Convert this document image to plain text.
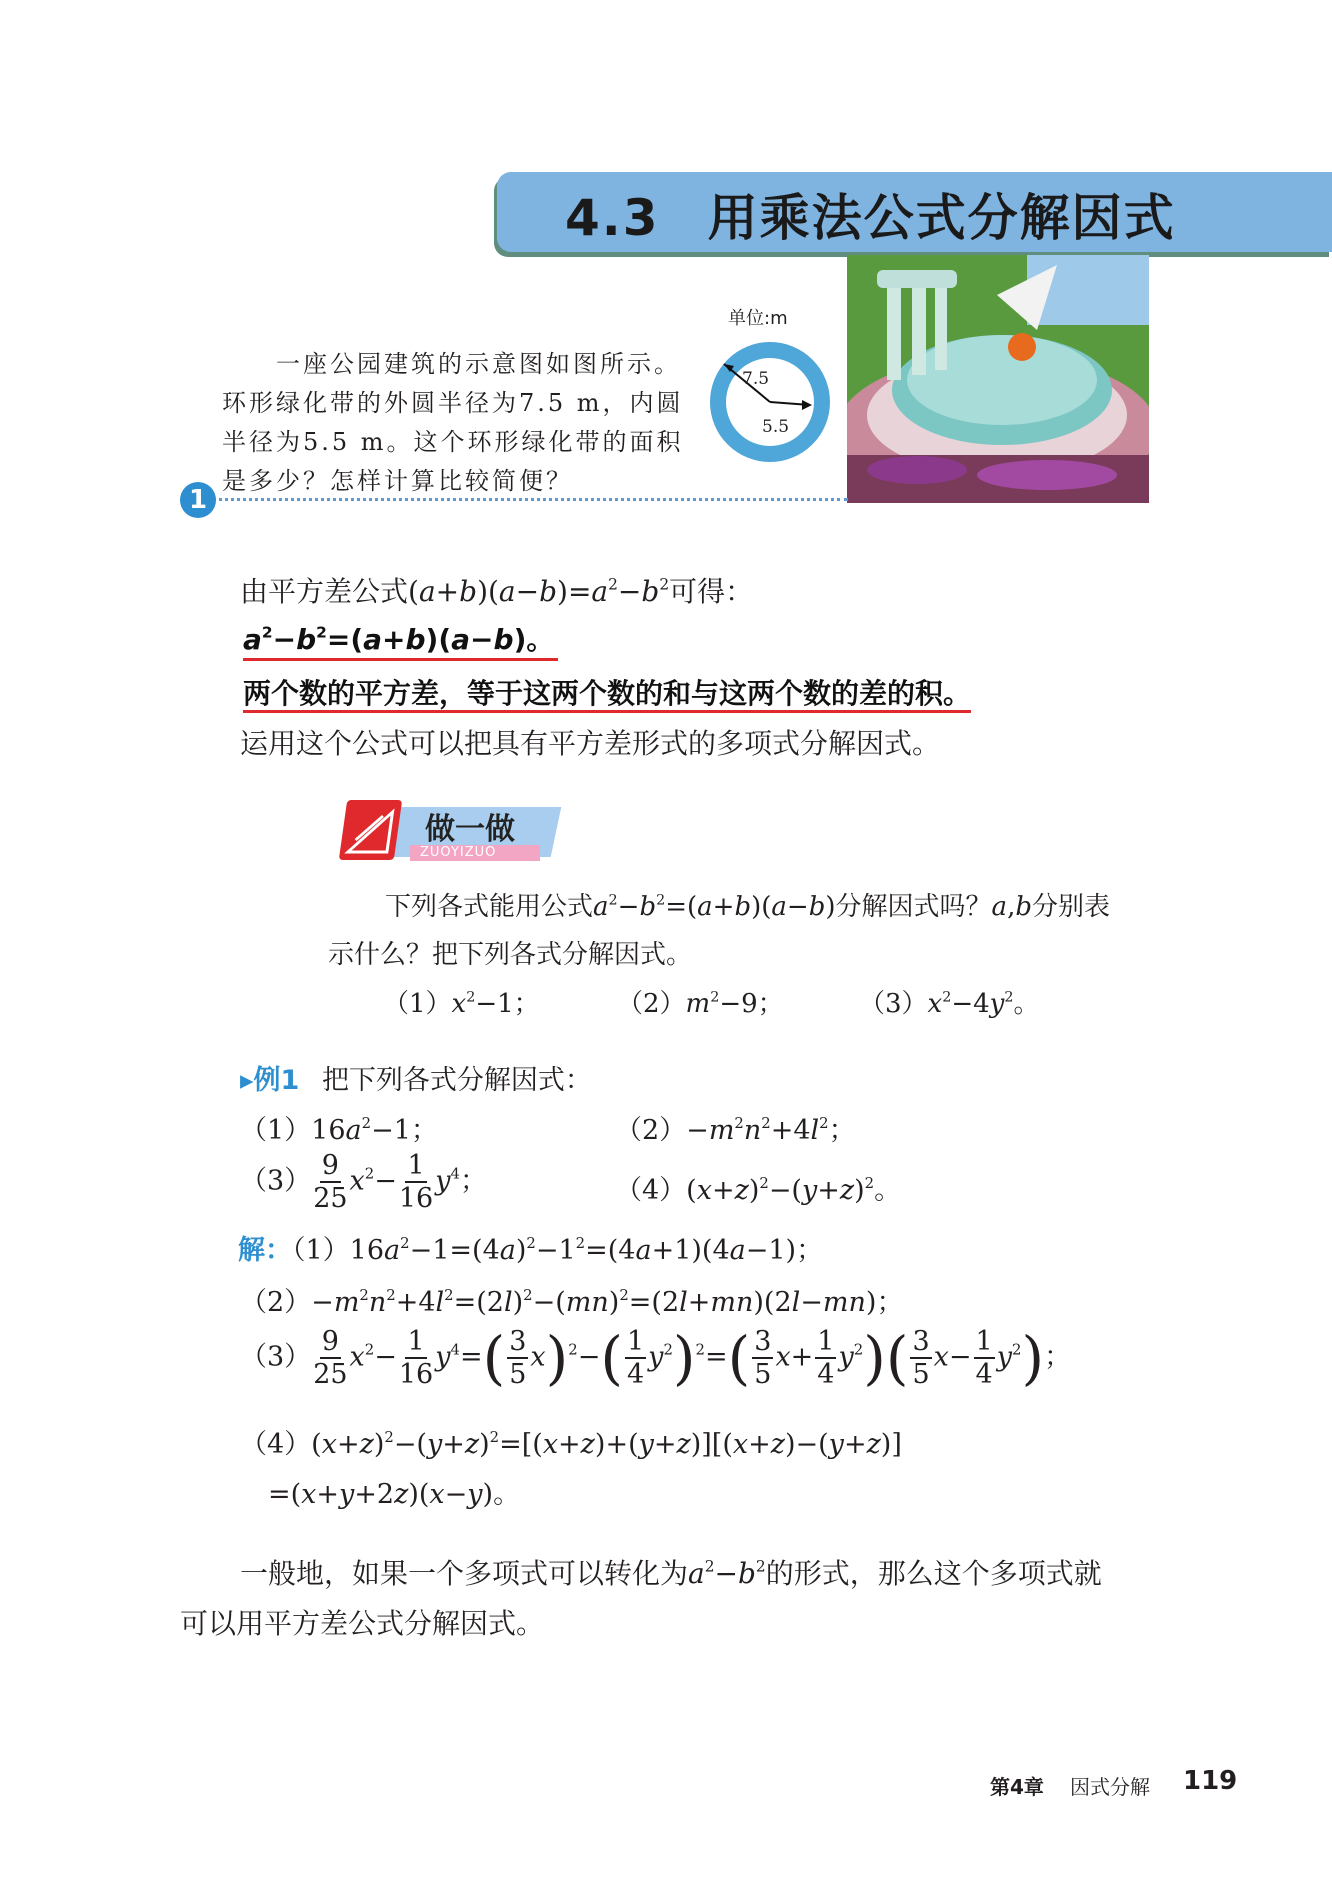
4.3 用乘法公式分解因式
　　一座公园建筑的示意图如图所示。
环形绿化带的外圆半径为7.5 m，内圆
半径为5.5 m。这个环形绿化带的面积
是多少？怎样计算比较简便？
单位:m
7.5
5.5
1
由平方差公式$(a+b)(a-b)=a^2-b^2$可得：
$a^2-b^2=(a+b)(a-b)$。
两个数的平方差，等于这两个数的和与这两个数的差的积。
运用这个公式可以把具有平方差形式的多项式分解因式。
做一做
ZUOYIZUO
下列各式能用公式$a^2-b^2=(a+b)(a-b)$分解因式吗？a,b分别表
示什么？把下列各式分解因式。
$(1)x^2-1$；	$(2)m^2-9$；	$(3)x^2-4y^2$。
▸例1 把下列各式分解因式：
$(1)16a^2-1$；	$(2)-m^2n^2+4l^2$；
$(3) \frac{9}{25} x^2- \frac{1}{16} y^4$；	$(4)(x+z)^2-(y+z)^2$。
解：$(1)16a^2-1=(4a)^2-1^2=(4a+1)(4a-1)$；
$(2)-m^2n^2+4l^2=(2l)^2-(mn)^2=(2l+mn)(2l-mn)$；
$(3) \frac{9}{25} x^2- \frac{1}{16} y^4=( \frac{3}{5} x)^2-( \frac{1}{4} y^2)^2=( \frac{3}{5} x+ \frac{1}{4} y^2)( \frac{3}{5} x- \frac{1}{4} y^2)$；
$(4)(x+z)^2-(y+z)^2=[(x+z)+(y+z)][(x+z)-(y+z)]$
=(x+y+2z)(x−y)。
一般地，如果一个多项式可以转化为$a^2-b^2$的形式，那么这个多项式就
可以用平方差公式分解因式。
第4章 因式分解 119
